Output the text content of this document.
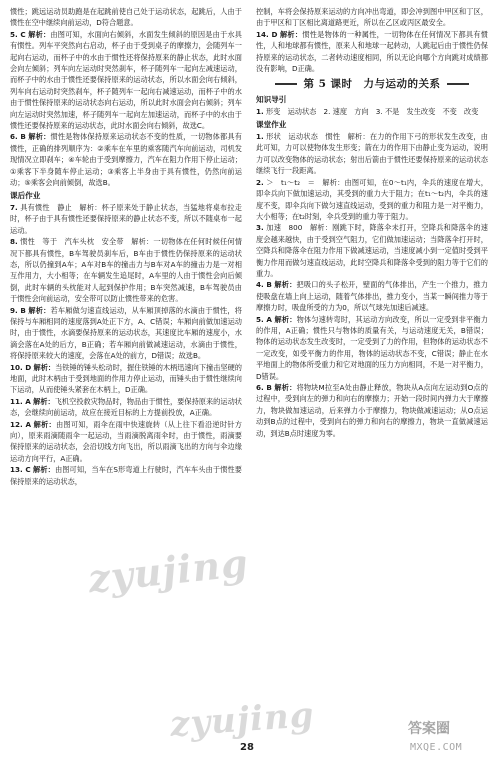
惯性；跳远运动员助跑是在起跳前使自己处于运动状态，起跳后，人由于惯性在空中继续向前运动，D符合题意。

5. C 解析：由图可知，水面向右倾斜，水面发生倾斜的原因是由于水具有惯性。列车平突然向右启动，杯子由于受到桌子的摩擦力，会随列车一起向右运动，而杯子中的水由于惯性还将保持原来的静止状态，此时水面会向左倾斜；列车向左运动时突然刹车，杯子随列车一起向左减速运动，而杯子中的水由于惯性还要保持原来的运动状态，所以水面会向右倾斜，列车向右运动时突然刹车，杯子随列车一起向右减速运动，而杯子中的水由于惯性保持原来的运动状态向右运动，所以此时水面会向右倾斜；列车向左运动时突然加速，杯子随列车一起向左加速运动，而杯子中的水由于惯性还要保持原来的运动状态，此时水面会向右倾斜，故选C。

6. B 解析：惯性是物体保持原来运动状态不变的性质，一切物体都具有惯性，正确的排列顺序为：②乘车在车里的乘客随汽车向前运动，司机发现情况立即刹车；④车轮由于受到摩擦力，汽车在阻力作用下停止运动；①乘客下半身随车停止运动；③乘客上半身由于具有惯性，仍然向前运动；⑤乘客会向前倾倒，故选B。

课后作业

7. 具有惯性　静止　解析：杯子原来处于静止状态，当猛地将桌布拉走时，杯子由于具有惯性还要保持原来的静止状态不变，所以不随桌布一起运动。

8. 惯性　等于　汽车头枕　安全带　解析：一切物体在任何时候任何情况下都具有惯性，B车驾驶员刹车后，B车由于惯性仍保持原来的运动状态，所以仍撞到A车；A车对B车的撞击力与B车对A车的撞击力是一对相互作用力，大小相等；在车辆发生追尾时，A车里的人由于惯性会向后倾倒，此时车辆的头枕能对人起到保护作用；B车突然减速，B车驾驶员由于惯性会向前运动，安全带可以防止惯性带来的危害。

9. B 解析：若车厢做匀速直线运动，从车厢顶掉落的水滴由于惯性，将保持与车厢相同的速度落到A处正下方，A、C错误；车厢向前做加速运动时，由于惯性，水滴要保持原来的运动状态，其速度比车厢的速度小，水滴会落在A处的后方，B正确；若车厢向前做减速运动，水滴由于惯性，将保持原来较大的速度，会落在A处的前方，D错误；故选B。

10. D 解析：当铁锤的锤头松动时，握住铁锤的木柄迅速向下撞击坚硬的地面，此时木柄由于受到地面的作用力停止运动，而锤头由于惯性继续向下运动，从而使锤头紧套在木柄上，D正确。

11. A 解析：飞机空投救灾物品时，物品由于惯性，要保持原来的运动状态，会继续向前运动，故应在接近目标的上方提前投放，A正确。

12. A 解析：由图可知，雨伞在雨中快速旋转（从上往下看沿逆时针方向），原来雨滴随雨伞一起运动，当雨滴脱离雨伞时，由于惯性，雨滴要保持原来的运动状态，会沿切线方向飞出，所以雨滴飞出的方向与伞边缘运动方向平行，A正确。

13. C 解析：由图可知，当车在S形弯道上行驶时，汽车车头由于惯性要保持原来的运动状态，

控制，车将会保持原来运动的方向冲出弯道，即会冲到图中甲区和丁区，由于甲区和丁区相比离道路更近，所以在乙区或丙区最安全。

14. D 解析：惯性是物体的一种属性，一切物体在任何情况下都具有惯性，人和地球都有惯性，原来人和地球一起转动，人跳起后由于惯性仍保持原来的运动状态，二者转动速度相同，所以无论向哪个方向跳对成绩都没有影响，D正确。

第 5 课时　力与运动的关系
知识导引

1. 形变　运动状态　2. 速度　方向　3. 不是　发生改变　不变　改变

课堂作业

1. 形状　运动状态　惯性　解析：在力的作用下弓的形状发生改变，由此可知，力可以使物体发生形变；箭在力的作用下由静止变为运动，说明力可以改变物体的运动状态；射出后箭由于惯性还要保持原来的运动状态继续飞行一段距离。

2. ＞　t₁～t₂　＝　解析：由图可知，在0～t₁内，伞兵的速度在增大，即伞兵向下做加速运动，其受到的重力大于阻力；在t₁～t₂内，伞兵的速度不变，即伞兵向下做匀速直线运动，受到的重力和阻力是一对平衡力，大小相等；在t₂时刻，伞兵受到的重力等于阻力。

3. 加速　800　解析：刚跳下时，降落伞未打开，空降兵和降落伞的速度会越来越快，由于受到空气阻力，它们做加速运动；当降落伞打开时，空降兵和降落伞在阻力作用下做减速运动，当速度减小到一定值时受到平衡力作用而做匀速直线运动，此时空降兵和降落伞受到的阻力等于它们的重力。

4. B 解析：把吸口的头子松开，壁面的气体排出，产生一个推力，推力使吸盘在墙上向上运动，随着气体排出，推力变小，当某一瞬间推力等于摩擦力时，吸盘所受的力为0，所以气球先加速后减速。

5. A 解析：物体匀速转弯时，其运动方向改变，所以一定受到非平衡力的作用，A正确；惯性只与物体的质量有关，与运动速度无关，B错误；物体的运动状态发生改变时，一定受到了力的作用，但物体的运动状态不一定改变，如受平衡力的作用，物体的运动状态不变，C错误；静止在水平地面上的物体所受重力和它对地面的压力方向相同，不是一对平衡力，D错误。

6. B 解析：将物块M拉至A处由静止释放，物块从A点向左运动到O点的过程中，受到向左的弹力和向右的摩擦力；开始一段时间内弹力大于摩擦力，物块做加速运动，后来弹力小于摩擦力，物块做减速运动；从O点运动到B点的过程中，受到向右的弹力和向右的摩擦力，物块一直做减速运动，到达B点时速度为零。

zyujing
zyujing
28
答案圈
MXQE.COM
